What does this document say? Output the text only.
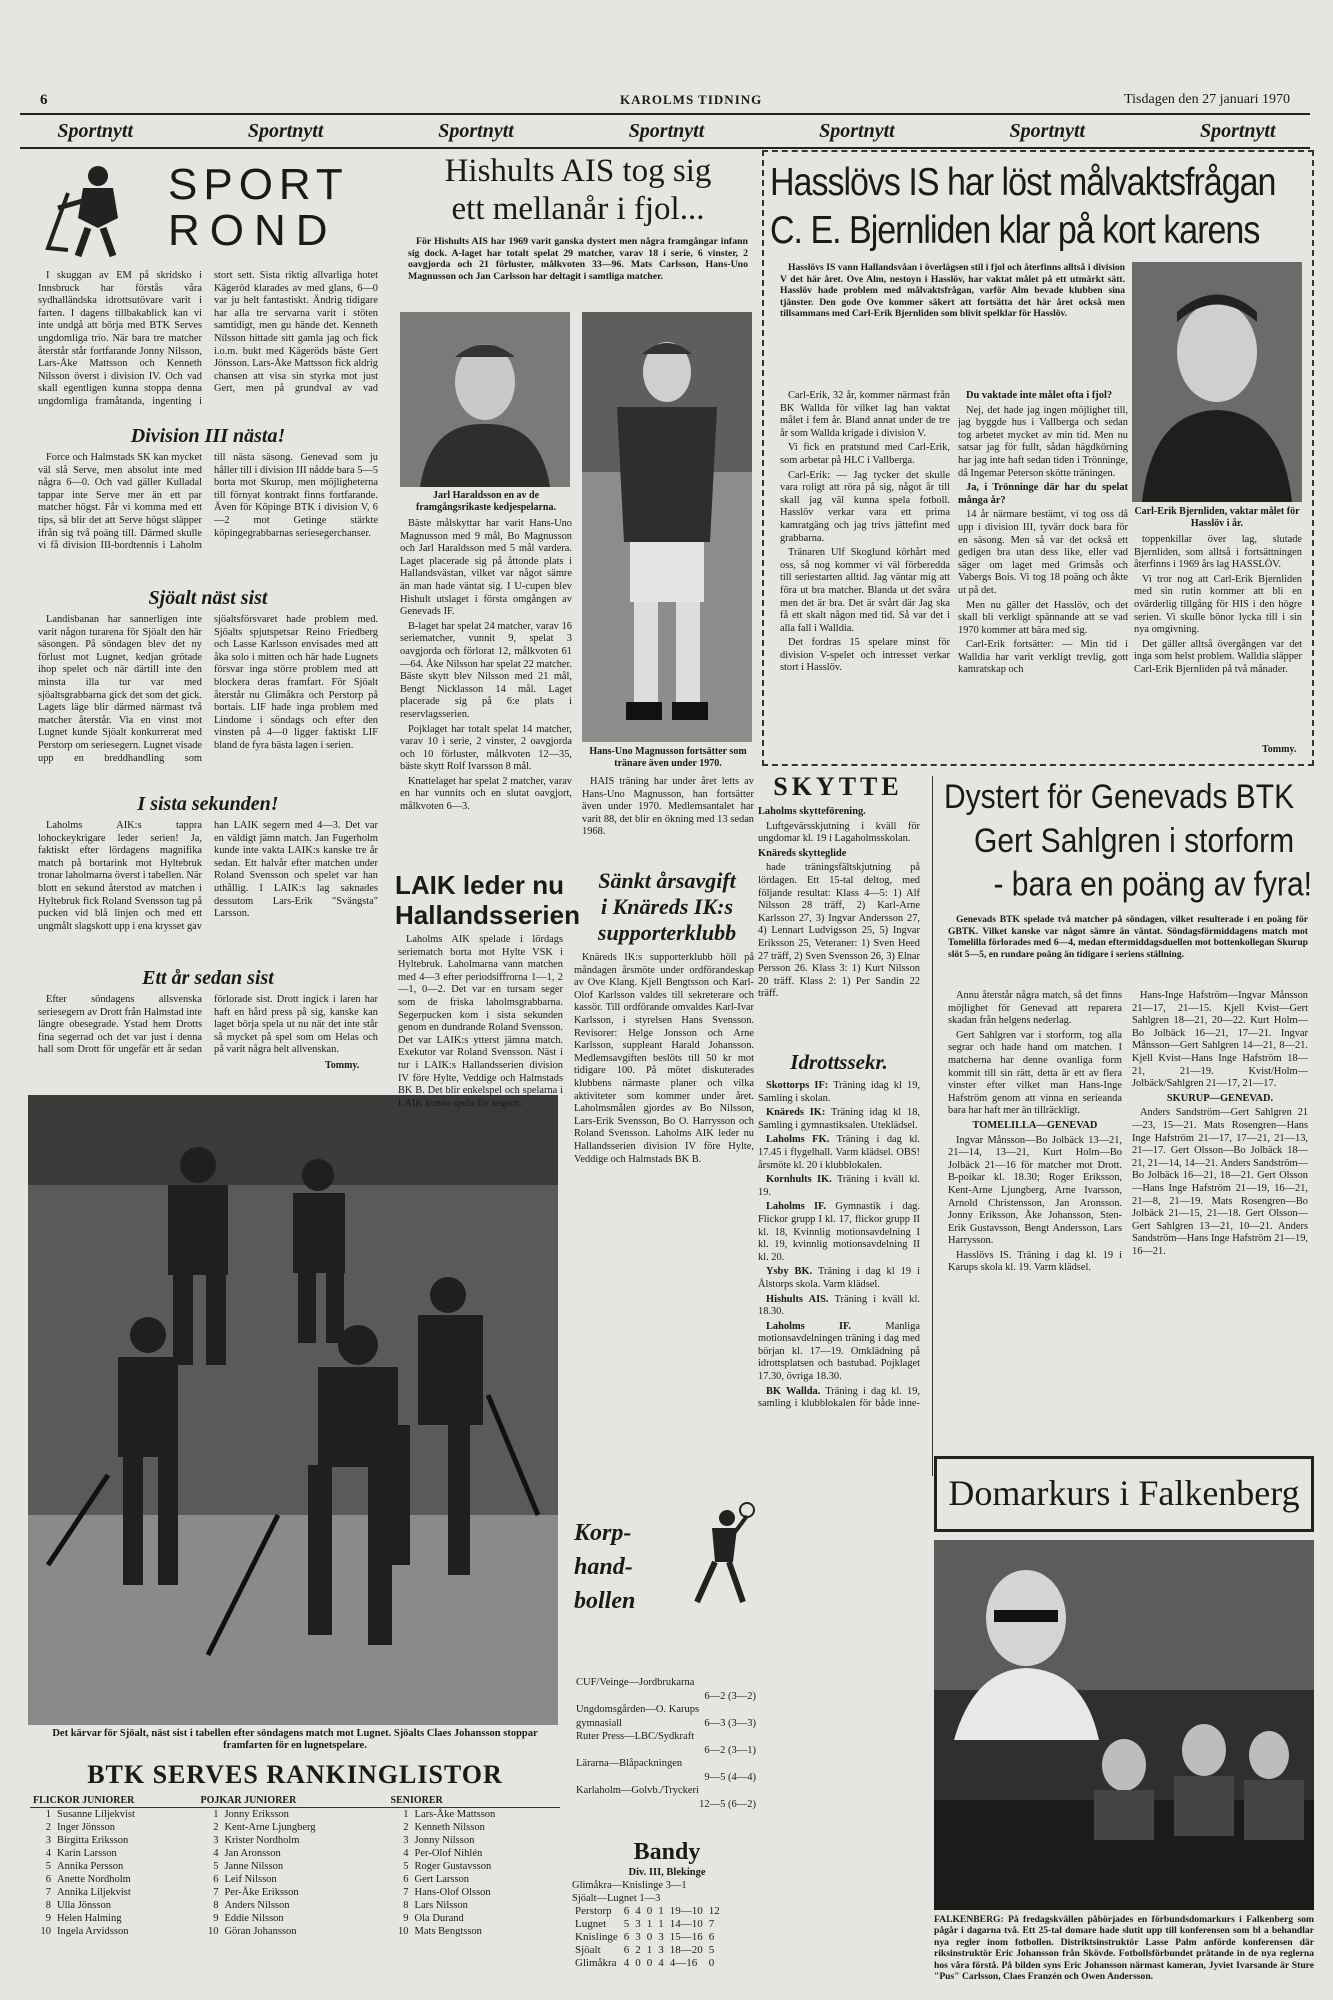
6	KAROLMS TIDNING	Tisdagen den 27 januari 1970
Sportnytt	Sportnytt	Sportnytt	Sportnytt	Sportnytt	Sportnytt	Sportnytt
SPORT
ROND

I skuggan av EM på skridsko i Innsbruck har förstås våra sydhalländska idrottsutövare varit i farten. I dagens tillbakablick kan vi inte undgå att börja med BTK Serves ungdomliga trio. När bara tre matcher återstår står fortfarande Jonny Nilsson, Lars-Åke Mattsson och Kenneth Nilsson överst i division IV. Och vad skall egentligen kunna stoppa denna ungdomliga framåtanda, ingenting i stort sett. Sista riktig allvarliga hotet Kägeröd klarades av med glans, 6—0 var ju helt fantastiskt. Ändrig tidigare har alla tre servarna varit i stöten samtidigt, men gu hände det. Kenneth Nilsson hittade sitt gamla jag och fick i.o.m. bukt med Kägeröds bäste Gert Jönsson. Lars-Åke Mattsson fick aldrig chansen att visa sin styrka mot just Gert, men på grundval av vad

Division III nästa!

Force och Halmstads SK kan mycket väl slå Serve, men absolut inte med några 6—0. Och vad gäller Kulladal tappar inte Serve mer än ett par matcher högst. Får vi komma med ett tips, så blir det att Serve högst släpper ifrån sig två poäng till. Därmed skulle vi få division III-bordtennis i Laholm till nästa säsong. Genevad som ju håller till i division III nådde bara 5—5 borta mot Skurup, men möjligheterna till förnyat kontrakt finns fortfarande. Även för Köpinge BTK i division V, 6—2 mot Getinge stärkte köpingegrabbarnas seriesegerchanser.

Sjöalt näst sist

Landisbanan har sannerligen inte varit någon turarena för Sjöalt den här säsongen. På söndagen blev det ny förlust mot Lugnet, kedjan grötade ihop spelet och när därtill inte den minsta illa tur var med sjöaltsgrabbarna gick det som det gick. Lagets läge blir därmed närmast två matcher återstår. Via en vinst mot Lugnet kunde Sjöalt konkurrerat med Perstorp om seriesegern. Lugnet visade upp en breddhandling som sjöaltsförsvaret hade problem med. Sjöalts spjutspetsar Reino Friedberg och Lasse Karlsson envisades med att åka solo i mitten och här hade Lugnets försvar inga större problem med att blockera deras framfart. För Sjöalt återstår nu Glimåkra och Perstorp på bortais. LIF hade inga problem med Lindome i söndags och efter den vinsten på 4—0 ligger faktiskt LIF bland de fyra bästa lagen i serien.

I sista sekunden!

Laholms AIK:s tappra lohockeykrigare leder serien! Ja, faktiskt efter lördagens magnifika match på bortarink mot Hyltebruk tronar laholmarna överst i tabellen. När blott en sekund återstod av matchen i Hyltebruk fick Roland Svensson tag på pucken vid blå linjen och med ett ungmålt slagskott upp i ena krysset gav han LAIK segern med 4—3. Det var en väldigt jämn match. Jan Fugerholm kunde inte vakta LAIK:s kanske tre år sedan. Ett halvår efter matchen under Roland Svensson och spelet var han uthållig. I LAIK:s lag saknades dessutom Lars-Erik "Svängsta" Larsson.

Ett år sedan sist

Efter söndagens allsvenska seriesegern av Drott från Halmstad inte längre obesegrade. Ystad hem Drotts fina segerrad och det var just i denna hall som Drott för ungefär ett år sedan förlorade sist. Drott ingick i laren har haft en hård press på sig, kanske kan laget börja spela ut nu när det inte står så mycket på spel som om Helas och på varit några helt allvenskan.

Tommy.
Det kärvar för Sjöalt, näst sist i tabellen efter söndagens match mot Lugnet. Sjöalts Claes Johansson stoppar framfarten för en lugnetspelare.
BTK SERVES RANKINGLISTOR
FLICKOR JUNIORER		POJKAR JUNIORER		SENIORER	
1	Susanne Liljekvist	1	Jonny Eriksson	1	Lars-Åke Mattsson
2	Inger Jönsson	2	Kent-Arne Ljungberg	2	Kenneth Nilsson
3	Birgitta Eriksson	3	Krister Nordholm	3	Jonny Nilsson
4	Karin Larsson	4	Jan Aronsson	4	Per-Olof Nihlén
5	Annika Persson	5	Janne Nilsson	5	Roger Gustavsson
6	Anette Nordholm	6	Leif Nilsson	6	Gert Larsson
7	Annika Liljekvist	7	Per-Åke Eriksson	7	Hans-Olof Olsson
8	Ulla Jönsson	8	Anders Nilsson	8	Lars Nilsson
9	Helen Halming	9	Eddie Nilsson	9	Ola Durand
10	Ingela Arvidsson	10	Göran Johansson	10	Mats Bengtsson
Hishults AIS tog sig
ett mellanår i fjol...

För Hishults AIS har 1969 varit ganska dystert men några framgångar infann sig dock. A-laget har totalt spelat 29 matcher, varav 18 i serie, 6 vinster, 2 oavgjorda och 21 förluster, målkvoten 33—96. Mats Carlsson, Hans-Uno Magnusson och Jan Carlsson har deltagit i samtliga matcher.

Jarl Haraldsson en av de framgångsrikaste kedjespelarna.
Hans-Uno Magnusson fortsätter som tränare även under 1970.

Bäste målskyttar har varit Hans-Uno Magnusson med 9 mål, Bo Magnusson och Jarl Haraldsson med 5 mål vardera. Laget placerade sig på åttonde plats i Hallandsvästan, vilket var något sämre än man hade väntat sig. I U-cupen blev Hishult utslaget i första omgången av Genevads IF.

B-laget har spelat 24 matcher, varav 16 seriematcher, vunnit 9, spelat 3 oavgjorda och förlorat 12, målkvoten 61—64. Åke Nilsson har spelat 22 matcher. Bäste skytt blev Nilsson med 21 mål, Bengt Nicklasson 14 mål. Laget placerade sig på 6:e plats i reservlagsserien.

Pojklaget har totalt spelat 14 matcher, varav 10 i serie, 2 vinster, 2 oavgjorda och 10 förluster, målkvoten 12—35, bäste skytt Rolf Ivarsson 8 mål.

Knattelaget har spelat 2 matcher, varav en har vunnits och en slutat oavgjort, målkvoten 6—3.

HAIS träning har under året letts av Hans-Uno Magnusson, han fortsätter även under 1970. Medlemsantalet har varit 88, det blir en ökning med 13 sedan 1968.

LAIK leder nu
Hallandsserien

Laholms AIK spelade i lördags seriematch borta mot Hylte VSK i Hyltebruk. Laholmarna vann matchen med 4—3 efter periodsiffrorna 1—1, 2—1, 0—2. Det var en tursam seger som de friska laholmsgrabbarna. Segerpucken kom i sista sekunden genom en dundrande Roland Svensson. Det var LAIK:s ytterst jämna match. Exekutor var Roland Svensson. Näst i tur i LAIK:s Hallandsserien division IV före Hylte, Veddige och Halmstads BK B. Det blir enkelspel och spelarna i LAIK kunna spela för segern.

Sänkt årsavgift
i Knäreds IK:s
supporterklubb

Knäreds IK:s supporterklubb höll på måndagen årsmöte under ordförandeskap av Ove Klang. Kjell Bengtsson och Karl-Olof Karlsson valdes till sekreterare och kassör. Till ordförande omvaldes Karl-Ivar Karlsson, i styrelsen Hans Svensson. Revisorer: Helge Jonsson och Arne Karlsson, suppleant Harald Johansson. Medlemsavgiften beslöts till 50 kr mot tidigare 100. På mötet diskuterades klubbens närmaste planer och vilka aktiviteter som kommer under året. Laholmsmålen gjordes av Bo Nilsson, Lars-Erik Svensson, Bo O. Harrysson och Roland Svensson. Laholms AIK leder nu Hallandsserien division IV före Hylte, Veddige och Halmstads BK B.

Korp-
hand-
bollen
CUF/Veinge—Jordbrukarna
6—2 (3—2)
Ungdomsgården—O. Karups
gymnasiall	6—3 (3—3)
Ruter Press—LBC/Sydkraft
6—2 (3—1)
Lärarna—Blåpackningen
9—5 (4—4)
Karlaholm—Golvb./Tryckeri
12—5 (6—2)
Bandy
Div. III, Blekinge
Glimåkra—Knislinge 3—1
Sjöalt—Lugnet 1—3
Perstorp	6	4	0	1	19—10	12
Lugnet	5	3	1	1	14—10	7
Knislinge	6	3	0	3	15—16	6
Sjöalt	6	2	1	3	18—20	5
Glimåkra	4	0	0	4	4—16	0
Hasslövs IS har löst målvaktsfrågan
C. E. Bjernliden klar på kort karens

Hasslövs IS vann Hallandsvåan i överlägsen stil i fjol och återfinns alltså i division V det här året. Ove Alm, nestoyn i Hasslöv, har vaktat målet på ett utmärkt sätt. Hasslöv hade problem med målvaktsfrågan, varför Alm bevade klubben sina tjänster. Den gode Ove kommer säkert att fortsätta det här året också men tillsammans med Carl-Erik Bjernliden som blivit spelklar för Hasslöv.

Carl-Erik Bjernliden, vaktar målet för Hasslöv i år.

Carl-Erik, 32 år, kommer närmast från BK Wallda för vilket lag han vaktat målet i fem år. Bland annat under de tre år som Wallda krigade i division V.

Vi fick en pratstund med Carl-Erik, som arbetar på HLC i Vallberga.

Carl-Erik: — Jag tycker det skulle vara roligt att röra på sig, något år till skall jag väl kunna spela fotboll. Hasslöv verkar vara ett prima kamratgäng och jag trivs jättefint med grabbarna.

Tränaren Ulf Skoglund körhårt med oss, så nog kommer vi väl förberedda till seriestarten alltid. Jag väntar mig att föra ut bra matcher. Blanda ut det svåra men det är bra. Det är svårt där Jag ska få ett skalt någon med tid. Så var det i alla fall i Walldia.

Det fordras 15 spelare minst för division V-spelet och intresset verkar stort i Hasslöv.

Du vaktade inte målet ofta i fjol?

Nej, det hade jag ingen möjlighet till, jag byggde hus i Vallberga och sedan tog arbetet mycket av min tid. Men nu satsar jag för fullt, sådan hägdkörning har jag inte haft sedan tiden i Trönninge, då Ingemar Peterson skötte träningen.

Ja, i Trönninge där har du spelat många år?

14 år närmare bestämt, vi tog oss då upp i division III, tyvärr dock bara för en säsong. Men så var det också ett gedigen bra utan dess like, eller vad säger om laget med Grimsås och Vabergs Bois. Vi tog 18 poäng och åkte ut på det.

Men nu gäller det Hasslöv, och det skall bli verkligt spännande att se vad 1970 kommer att bära med sig.

Carl-Erik fortsätter: — Min tid i Walldia har varit verkligt trevlig, gott kamratskap och

toppenkillar över lag, slutade Bjernliden, som alltså i fortsättningen återfinns i 1969 års lag HASSLÖV.

Vi tror nog att Carl-Erik Bjernliden med sin rutin kommer att bli en ovärderlig tillgång för HIS i den högre serien. Vi skulle bönor lycka till i sin nya omgivning.

Det gäller alltså övergången var det inga som helst problem. Walldia släpper Carl-Erik Bjernliden på två månader.

Tommy.
SKYTTE

Laholms skytteförening.

Luftgevärsskjutning i kväll för ungdomar kl. 19 i Lagaholmsskolan.

Knäreds skytteglide

hade träningsfältskjutning på lördagen. Ett 15-tal deltog, med följande resultat: Klass 4—5: 1) Alf Nilsson 28 träff, 2) Karl-Arne Karlsson 27, 3) Ingvar Andersson 27, 4) Lennart Ludvigsson 25, 5) Ingvar Eriksson 25, Veteraner: 1) Sven Heed 27 träff, 2) Sven Svensson 26, 3) Elnar Persson 26. Klass 3: 1) Kurt Nilsson 20 träff. Klass 2: 1) Per Sandin 22 träff.

Idrottssekr.

Skottorps IF: Träning idag kl 19, Samling i skolan.

Knäreds IK: Träning idag kl 18, Samling i gymnastiksalen. Uteklädsel.

Laholms FK. Träning i dag kl. 17.45 i flygelhall. Varm klädsel. OBS! årsmöte kl. 20 i klubblokalen.

Kornhults IK. Träning i kväll kl. 19.

Laholms IF. Gymnastik i dag. Flickor grupp I kl. 17, flickor grupp II kl. 18, Kvinnlig motionsavdelning I kl. 19, kvinnlig motionsavdelning II kl. 20.

Ysby BK. Träning i dag kl 19 i Ålstorps skola. Varm klädsel.

Hishults AIS. Träning i kväll kl. 18.30.

Laholms IF.	Manliga motionsavdelningen träning i dag med början kl. 17—19. Omklädning på idrottsplatsen och bastubad. Pojklaget 17.30, övriga 18.30.

BK Wallda. Träning i dag kl. 19, samling i klubblokalen för både inne-

Dystert för Genevads BTK
Gert Sahlgren i storform
- bara en poäng av fyra!

Genevads BTK spelade två matcher på söndagen, vilket resulterade i en poäng för GBTK. Vilket kanske var något sämre än väntat. Söndagsförmiddagens match mot Tomelilla förlorades med 6—4, medan eftermiddagsduellen mot bottenkollegan Skurup slöt 5—5, en rundare poäng än tidigare i seriens ställning.

Annu återstår några match, så det finns möjlighet för Genevad att reparera skadan från helgens nederlag.

Gert Sahlgren var i storform, tog alla segrar och hade hand om matchen. I matcherna har denne ovanliga form kommit till sin rätt, detta är ett av flera vinster efter vilket man Hans-Inge Hafström genom att vinna en serieanda bara har haft mer än tillräckligt.

TOMELILLA—GENEVAD

Ingvar Månsson—Bo Jolbäck 13—21, 21—14, 13—21, Kurt Holm—Bo Jolbäck 21—16 för matcher mot Drott. B-poikar kl. 18.30; Roger Eriksson, Kent-Arne Ljungberg, Arne Ivarsson, Arnold Christensson, Jan Aronsson. Jonny Eriksson, Åke Johansson, Sten-Erik Gustavsson, Bengt Andersson, Lars Harrysson.

Hasslövs IS. Träning i dag kl. 19 i Karups skola kl. 19. Varm klädsel.

Hans-Inge Hafström—Ingvar Månsson 21—17, 21—15. Kjell Kvist—Gert Sahlgren 18—21, 20—22. Kurt Holm—Bo Jolbäck 16—21, 17—21. Ingvar Månsson—Gert Sahlgren 14—21, 8—21. Kjell Kvist—Hans Inge Hafström 18—21, 21—19. Kvist/Holm—Jolbäck/Sahlgren 21—17, 21—17.

SKURUP—GENEVAD.

Anders Sandström—Gert Sahlgren 21—23, 15—21. Mats Rosengren—Hans Inge Hafström 21—17, 17—21, 21—13, 21—17. Gert Olsson—Bo Jolbäck 18—21, 21—14, 14—21. Anders Sandström—Bo Jolbäck 16—21, 18—21. Gert Olsson—Hans Inge Hafström 21—19, 16—21, 21—8, 21—19. Mats Rosengren—Bo Jolbäck 21—15, 21—18. Gert Olsson—Gert Sahlgren 13—21, 10—21. Anders Sandström—Hans Inge Hafström 21—19, 16—21.

Domarkurs i Falkenberg
FALKENBERG: På fredagskvällen påbörjades en förbundsdomarkurs i Falkenberg som pågår i dagarna två. Ett 25-tal domare hade slutit upp till konferensen som bl a behandlar nya regler inom fotbollen. Distriktsinstruktör Lasse Palm anförde konferensen där riksinstruktör Eric Johansson från Skövde. Fotbollsförbundet prätande in de nya reglerna hos våra förstå. På bilden syns Eric Johansson närmast kameran, Jyviet Ivarsande är Sture "Pus" Carlsson, Claes Franzén och Owen Andersson.
